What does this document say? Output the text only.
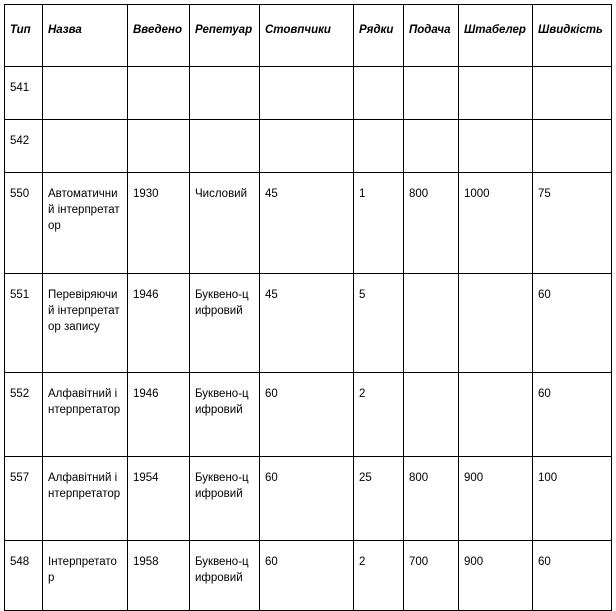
Тип	Назва	Введено	Репетуар	Стовпчики	Рядки	Подача	Штабелер	Швидкість
541								
542								
550	Автоматичний інтерпретатор	1930	Числовий	45	1	800	1000	75
551	Перевіряючий інтерпретатор запису	1946	Буквено-цифровий	45	5			60
552	Алфавітний інтерпретатор	1946	Буквено-цифровий	60	2			60
557	Алфавітний інтерпретатор	1954	Буквено-цифровий	60	25	800	900	100
548	Інтерпретатор	1958	Буквено-цифровий	60	2	700	900	60
